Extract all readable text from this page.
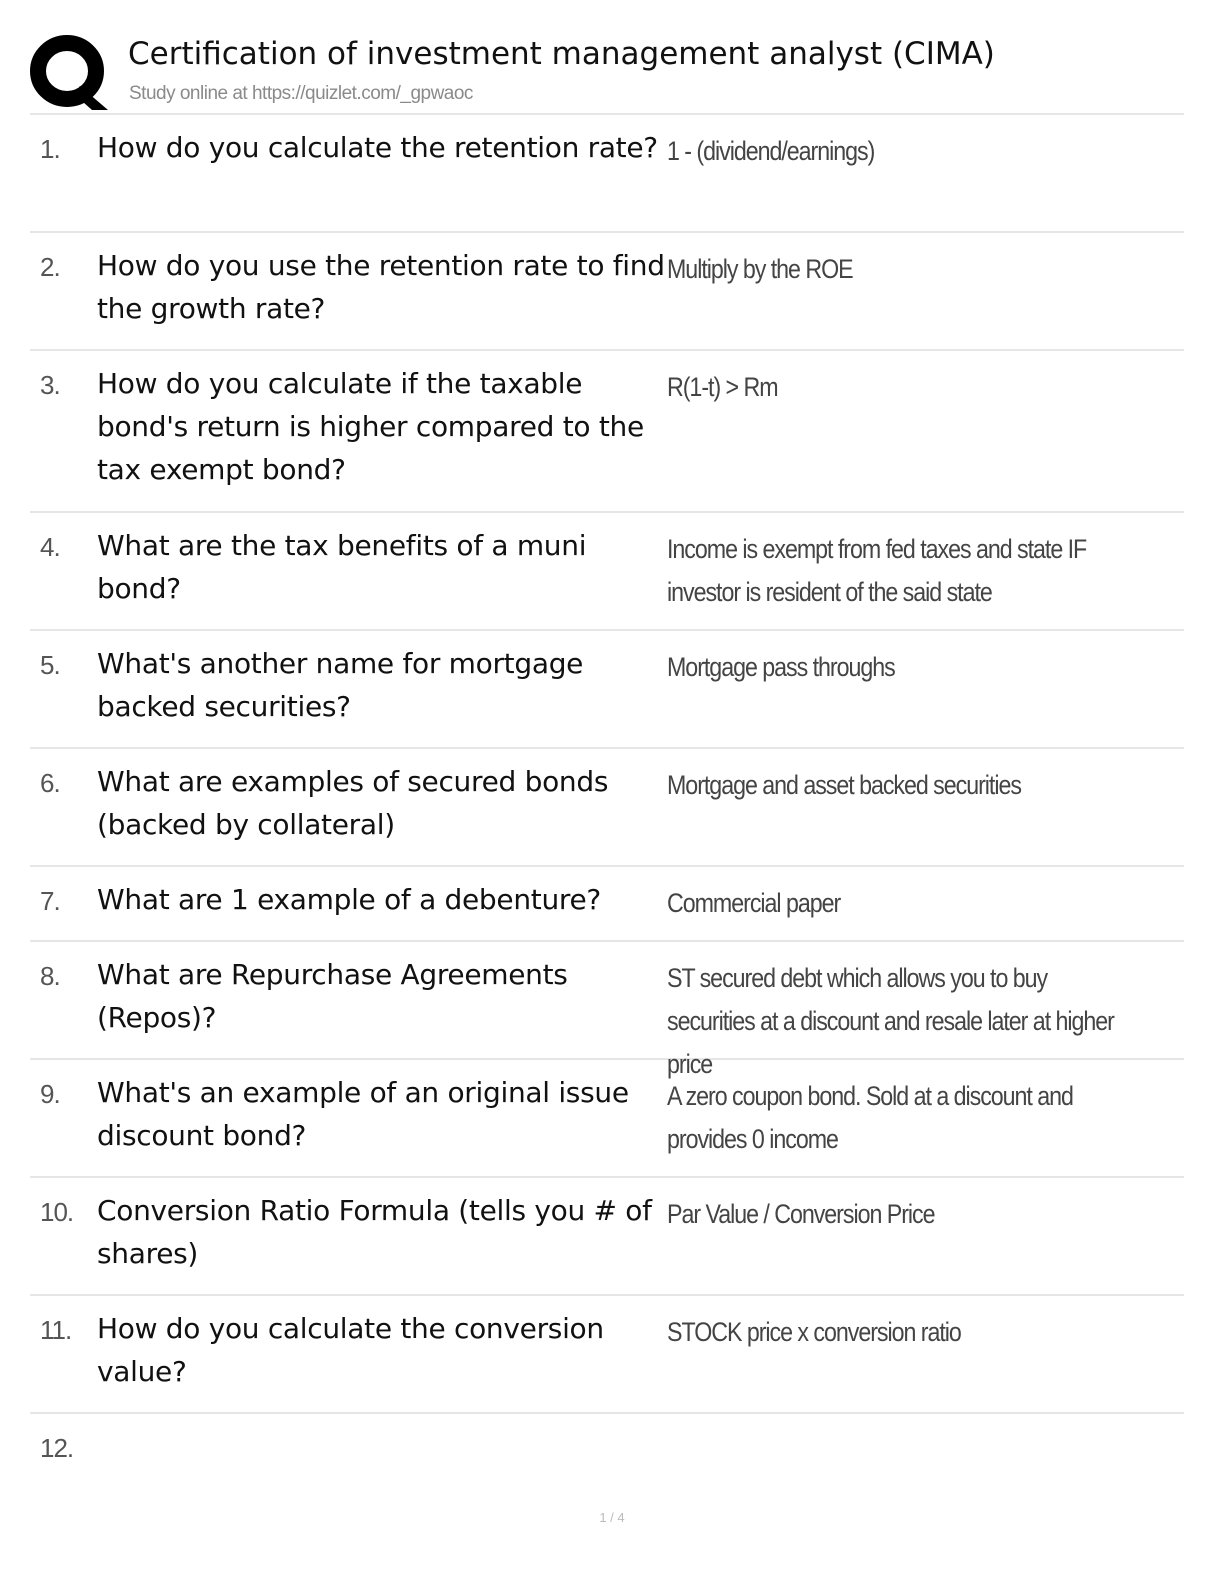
Certification of investment management analyst (CIMA)
Study online at https://quizlet.com/_gpwaoc
1. How do you calculate the retention rate? 1 - (dividend/earnings)
2. How do you use the retention rate to find the growth rate?
Multiply by the ROE
3. How do you calculate if the taxable bond's return is higher compared to the tax exempt bond?
R(1-t) > Rm
4. What are the tax benefits of a muni bond?
Income is exempt from fed taxes and state IF investor is resident of the said state
5. What's another name for mortgage backed securities?
Mortgage pass throughs
6. What are examples of secured bonds (backed by collateral)
Mortgage and asset backed securities
7. What are 1 example of a debenture?	Commercial paper
8. What are Repurchase Agreements (Repos)?
ST secured debt which allows you to buy securities at a discount and resale later at higher price
9. What's an example of an original issue discount bond?
A zero coupon bond. Sold at a discount and provides 0 income
10. Conversion Ratio Formula (tells you # of shares)
Par Value / Conversion Price
11. How do you calculate the conversion value?
STOCK price x conversion ratio
12.
1 / 4
